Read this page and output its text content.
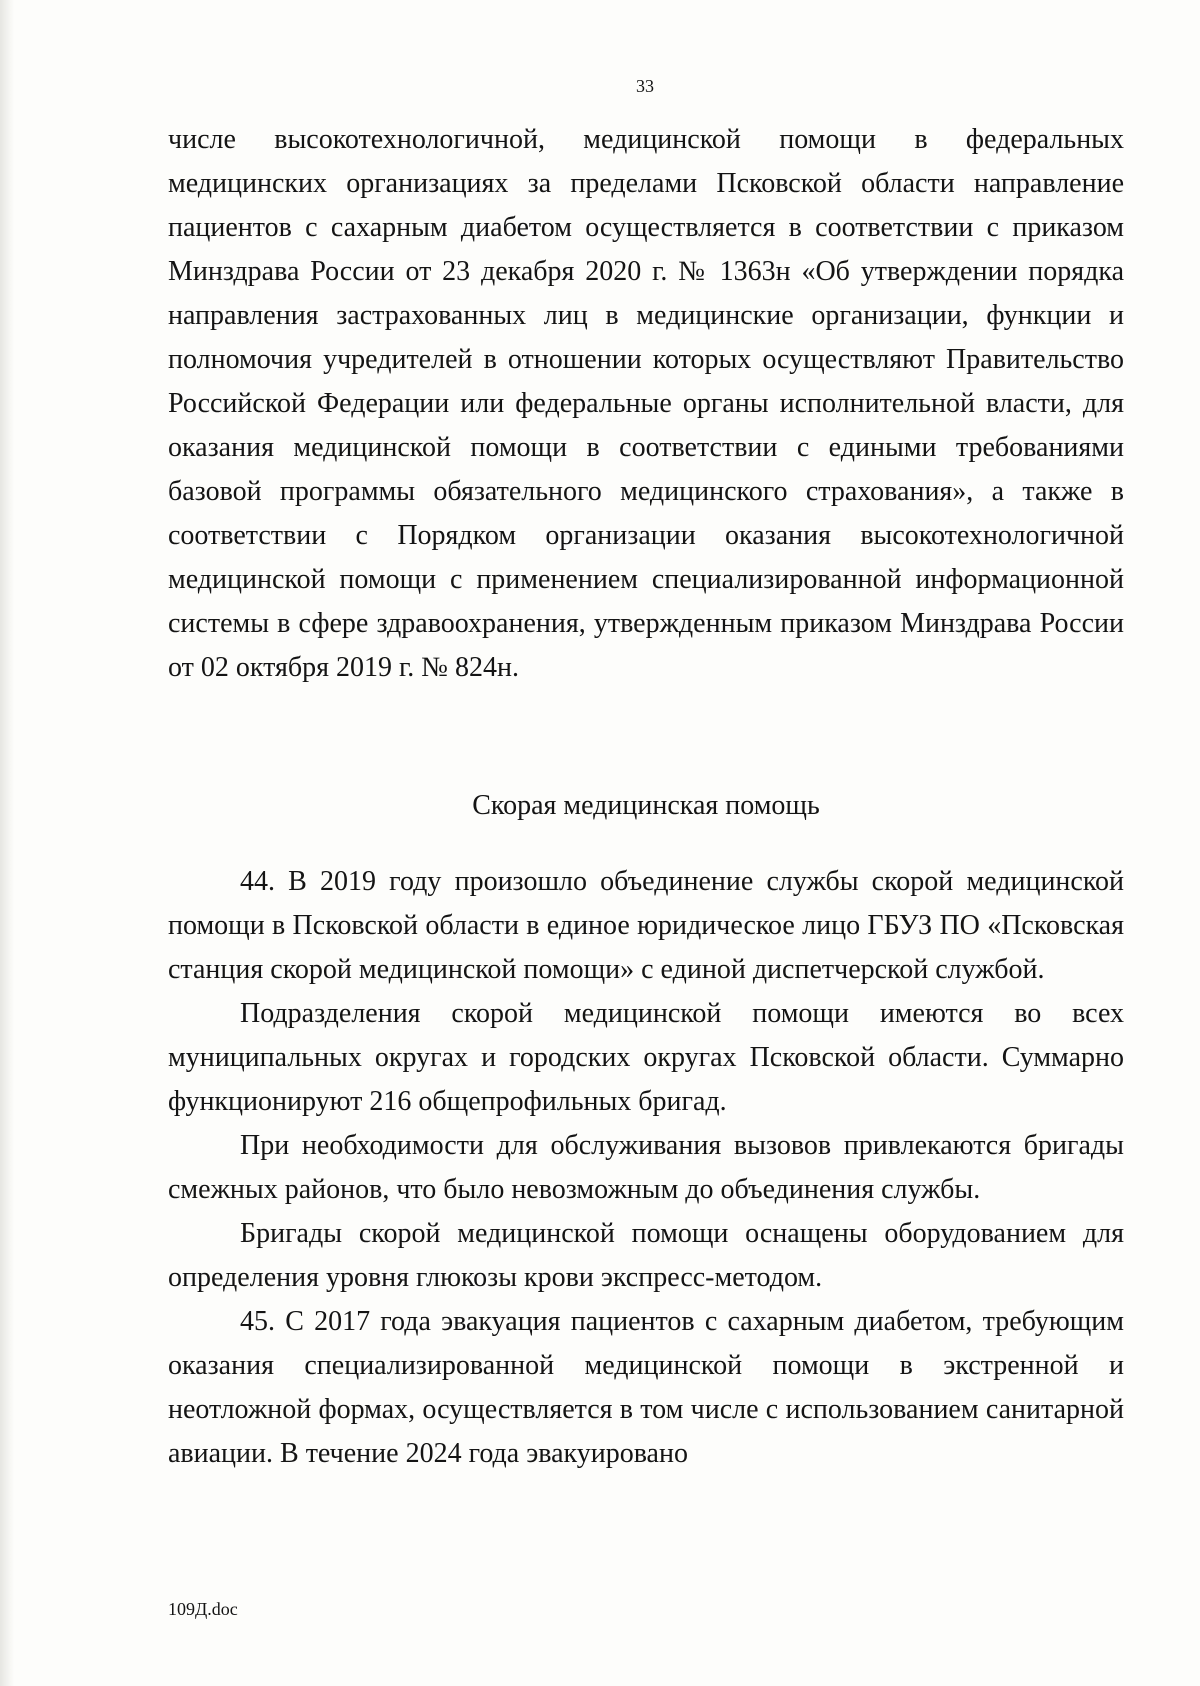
33

числе высокотехнологичной, медицинской помощи в федеральных медицинских организациях за пределами Псковской области направление пациентов с сахарным диабетом осуществляется в соответствии с приказом Минздрава России от 23 декабря 2020 г. № 1363н «Об утверждении порядка направления застрахованных лиц в медицинские организации, функции и полномочия учредителей в отношении которых осуществляют Правительство Российской Федерации или федеральные органы исполнительной власти, для оказания медицинской помощи в соответствии с едиными требованиями базовой программы обязательного медицинского страхования», а также в соответствии с Порядком организации оказания высокотехнологичной медицинской помощи с применением специализированной информационной системы в сфере здравоохранения, утвержденным приказом Минздрава России от 02 октября 2019 г. № 824н.

Скорая медицинская помощь

44. В 2019 году произошло объединение службы скорой медицинской помощи в Псковской области в единое юридическое лицо ГБУЗ ПО «Псковская станция скорой медицинской помощи» с единой диспетчерской службой.

Подразделения скорой медицинской помощи имеются во всех муниципальных округах и городских округах Псковской области. Суммарно функционируют 216 общепрофильных бригад.

При необходимости для обслуживания вызовов привлекаются бригады смежных районов, что было невозможным до объединения службы.

Бригады скорой медицинской помощи оснащены оборудованием для определения уровня глюкозы крови экспресс-методом.

45. С 2017 года эвакуация пациентов с сахарным диабетом, требующим оказания специализированной медицинской помощи в экстренной и неотложной формах, осуществляется в том числе с использованием санитарной авиации. В течение 2024 года эвакуировано

109Д.doc
